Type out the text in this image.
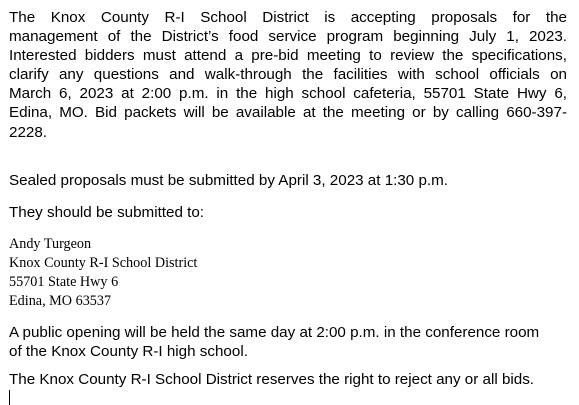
The Knox County R-I School District is accepting proposals for the
management of the District’s food service program beginning July 1, 2023.
Interested bidders must attend a pre-bid meeting to review the specifications,
clarify any questions and walk-through the facilities with school officials on
March 6, 2023 at 2:00 p.m. in the high school cafeteria, 55701 State Hwy 6,
Edina, MO. Bid packets will be available at the meeting or by calling 660-397-
2228.
Sealed proposals must be submitted by April 3, 2023 at 1:30 p.m.
They should be submitted to:
Andy Turgeon
Knox County R-I School District
55701 State Hwy 6
Edina, MO 63537
A public opening will be held the same day at 2:00 p.m. in the conference room
of the Knox County R-I high school.
The Knox County R-I School District reserves the right to reject any or all bids.
